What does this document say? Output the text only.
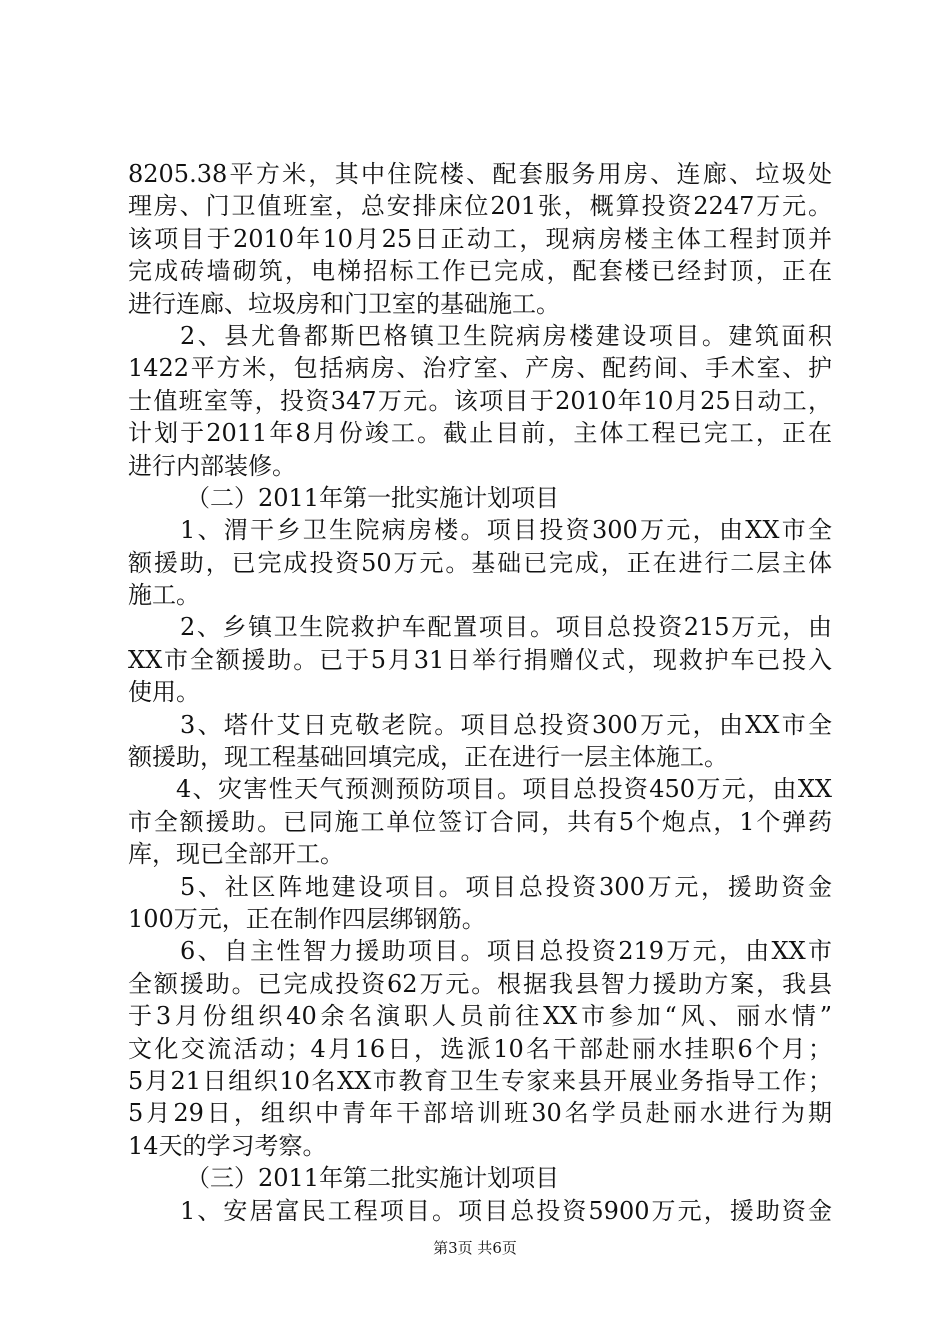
8205.38平方米，其中住院楼、配套服务用房、连廊、垃圾处
理房、门卫值班室，总安排床位201张，概算投资2247万元。
该项目于2010年10月25日正动工，现病房楼主体工程封顶并
完成砖墙砌筑，电梯招标工作已完成，配套楼已经封顶，正在
进行连廊、垃圾房和门卫室的基础施工。
2、县尤鲁都斯巴格镇卫生院病房楼建设项目。建筑面积
1422平方米，包括病房、治疗室、产房、配药间、手术室、护
士值班室等，投资347万元。该项目于2010年10月25日动工，
计划于2011年8月份竣工。截止目前，主体工程已完工，正在
进行内部装修。
（二）2011年第一批实施计划项目
1、渭干乡卫生院病房楼。项目投资300万元，由XX市全
额援助，已完成投资50万元。基础已完成，正在进行二层主体
施工。
2、乡镇卫生院救护车配置项目。项目总投资215万元，由
XX市全额援助。已于5月31日举行捐赠仪式，现救护车已投入
使用。
3、塔什艾日克敬老院。项目总投资300万元，由XX市全
额援助，现工程基础回填完成，正在进行一层主体施工。
4、灾害性天气预测预防项目。项目总投资450万元，由XX
市全额援助。已同施工单位签订合同，共有5个炮点，1个弹药
库，现已全部开工。
5、社区阵地建设项目。项目总投资300万元，援助资金
100万元，正在制作四层绑钢筋。
6、自主性智力援助项目。项目总投资219万元，由XX市
全额援助。已完成投资62万元。根据我县智力援助方案，我县
于3月份组织40余名演职人员前往XX市参加“风、丽水情”
文化交流活动；4月16日，选派10名干部赴丽水挂职6个月；
5月21日组织10名XX市教育卫生专家来县开展业务指导工作；
5月29日，组织中青年干部培训班30名学员赴丽水进行为期
14天的学习考察。
（三）2011年第二批实施计划项目
1、安居富民工程项目。项目总投资5900万元，援助资金
第3页 共6页
